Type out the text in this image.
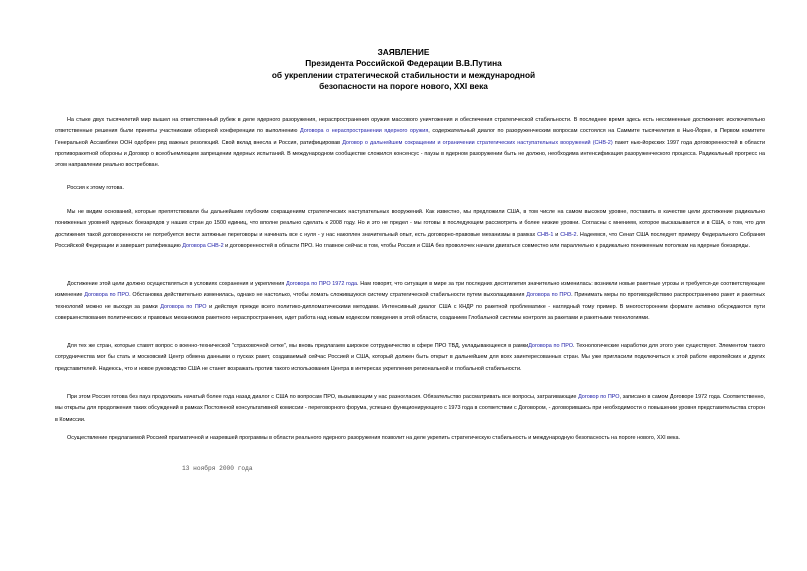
ЗАЯВЛЕНИЕ
Президента Российской Федерации В.В.Путина
об укреплении стратегической стабильности и международной
безопасности на пороге нового, XXI века

На стыке двух тысячелетий мир вышел на ответственный рубеж в деле ядерного разоружения, нераспространения оружия массового уничтожения и обеспечения стратегической стабильности. В последнее время здесь есть несомненные достижения: исключительно ответственные решения были приняты участниками обзорной конференции по выполнению Договора о нераспространении ядерного оружия, содержательный диалог по разоруженческим вопросам состоялся на Саммите тысячелетия в Нью-Йорке, в Первом комитете Генеральной Ассамблеи ООН одобрен ряд важных резолюций. Свой вклад внесла и Россия, ратифицировав Договор о дальнейшем сокращении и ограничении стратегических наступательных вооружений (СНВ-2) пакет нью-йоркских 1997 года договоренностей в области противоракетной обороны и Договор о всеобъемлющем запрещении ядерных испытаний. В международном сообществе сложился консенсус - паузы в ядерном разоружении быть не должно, необходима интенсификация разоруженческого процесса. Радикальный прогресс на этом направлении реально востребован.

Россия к этому готова.

Мы не видим оснований, которые препятствовали бы дальнейшим глубоким сокращениям стратегических наступательных вооружений. Как известно, мы предложили США, в том числе на самом высоком уровне, поставить в качестве цели достижение радикально пониженных уровней ядерных боезарядов у наших стран до 1500 единиц, что вполне реально сделать к 2008 году. Но и это не предел - мы готовы в последующем рассмотреть и более низкие уровни. Согласны с мнением, которое высказывается и в США, о том, что для достижения такой договоренности не потребуется вести затяжные переговоры и начинать все с нуля - у нас накоплен значительный опыт, есть договорно-правовые механизмы в рамках СНВ-1 и СНВ-2. Надеемся, что Сенат США последует примеру Федерального Собрания Российской Федерации и завершит ратификацию Договора СНВ-2 и договоренностей в области ПРО. Но главное сейчас в том, чтобы Россия и США без проволочек начали двигаться совместно или параллельно к радикально пониженным потолкам на ядерные боезаряды.

Достижение этой цели должно осуществляться в условиях сохранения и укрепления Договора по ПРО 1972 года. Нам говорят, что ситуация в мире за три последних десятилетия значительно изменилась: возникли новые ракетные угрозы и требуется-де соответствующее изменение Договора по ПРО. Обстановка действительно изменилась, однако не настолько, чтобы ломать сложившуюся систему стратегической стабильности путем выхолащивания Договора по ПРО. Принимать меры по противодействию распространению ракет и ракетных технологий можно не выходя за рамки Договора по ПРО и действуя прежде всего политико-дипломатическими методами. Интенсивный диалог США с КНДР по ракетной проблематике - наглядный тому пример. В многостороннем формате активно обсуждаются пути совершенствования политических и правовых механизмов ракетного нераспространения, идет работа над новым кодексом поведения в этой области, созданием Глобальной системы контроля за ракетами и ракетными технологиями.

Для тех же стран, которые ставят вопрос о военно-технической "страховочной сетке", мы вновь предлагаем широкое сотрудничество в сфере ПРО ТВД, укладывающееся в рамкиДоговора по ПРО. Технологические наработки для этого уже существуют. Элементом такого сотрудничества мог бы стать и московский Центр обмена данными о пусках ракет, создаваемый сейчас Россией и США, который должен быть открыт в дальнейшем для всех заинтересованных стран. Мы уже пригласили подключиться к этой работе европейских и других представителей. Надеюсь, что и новое руководство США не станет возражать против такого использования Центра в интересах укрепления региональной и глобальной стабильности.

При этом Россия готова без пауз продолжать начатый более года назад диалог с США по вопросам ПРО, вызывающим у нас разногласия. Обязательство рассматривать все вопросы, затрагивающие Договор по ПРО, записано в самом Договоре 1972 года. Соответственно, мы открыты для продолжения таких обсуждений в рамках Постоянной консультативной комиссии - переговорного форума, успешно функционирующего с 1973 года в соответствии с Договором, - договорившись при необходимости о повышении уровня представительства сторон в Комиссии.

Осуществление предлагаемой Россией прагматичной и назревшей программы в области реального ядерного разоружения позволит на деле укрепить стратегическую стабильность и международную безопасность на пороге нового, XXI века.

13 ноября 2000 года
